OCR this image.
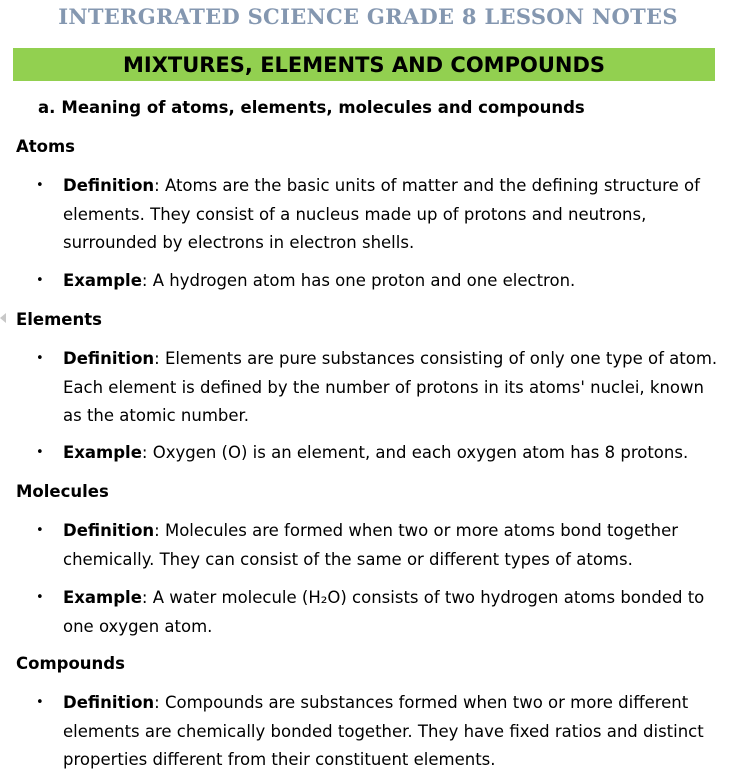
INTERGRATED SCIENCE GRADE 8 LESSON NOTES
MIXTURES, ELEMENTS AND COMPOUNDS
a. Meaning of atoms, elements, molecules and compounds
Atoms
• Definition: Atoms are the basic units of matter and the defining structure of elements. They consist of a nucleus made up of protons and neutrons, surrounded by electrons in electron shells.
• Example: A hydrogen atom has one proton and one electron.
Elements
• Definition: Elements are pure substances consisting of only one type of atom. Each element is defined by the number of protons in its atoms' nuclei, known as the atomic number.
• Example: Oxygen (O) is an element, and each oxygen atom has 8 protons.
Molecules
• Definition: Molecules are formed when two or more atoms bond together chemically. They can consist of the same or different types of atoms.
• Example: A water molecule (H₂O) consists of two hydrogen atoms bonded to one oxygen atom.
Compounds
• Definition: Compounds are substances formed when two or more different elements are chemically bonded together. They have fixed ratios and distinct properties different from their constituent elements.
